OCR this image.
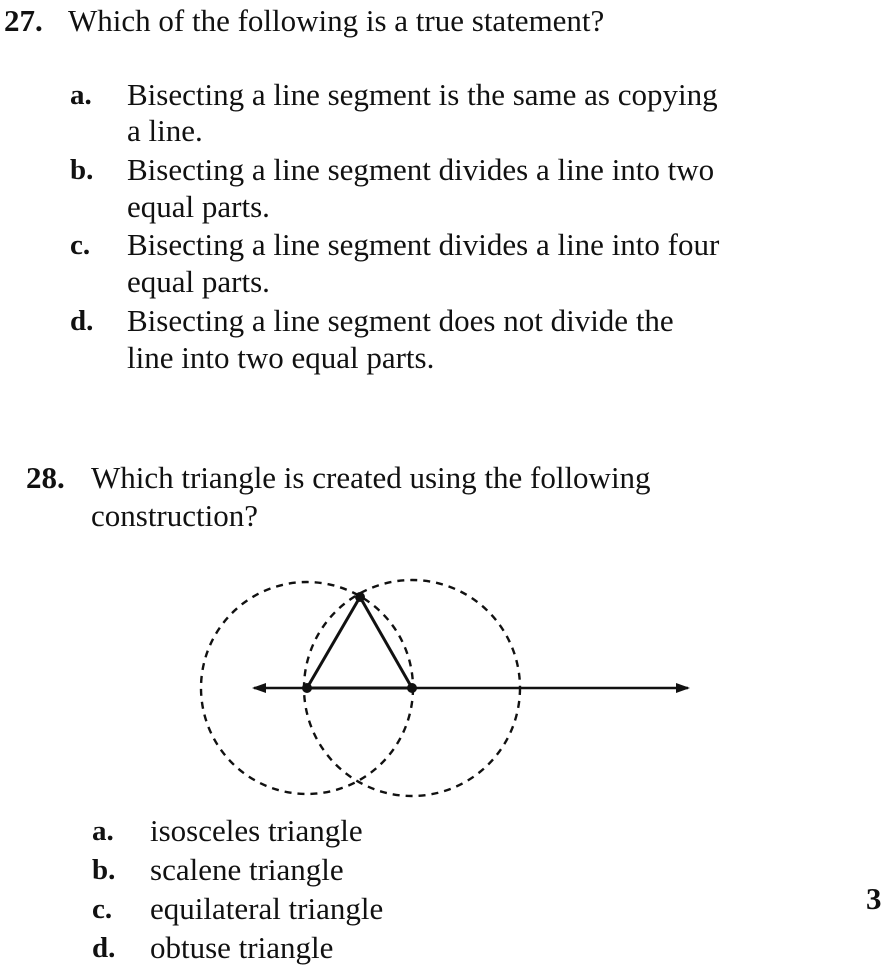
27. Which of the following is a true statement?
a. Bisecting a line segment is the same as copying
a line.
b. Bisecting a line segment divides a line into two
equal parts.
c. Bisecting a line segment divides a line into four
equal parts.
d. Bisecting a line segment does not divide the
line into two equal parts.
28. Which triangle is created using the following
construction?
a. isosceles triangle
b. scalene triangle
c. equilateral triangle
d. obtuse triangle
3
